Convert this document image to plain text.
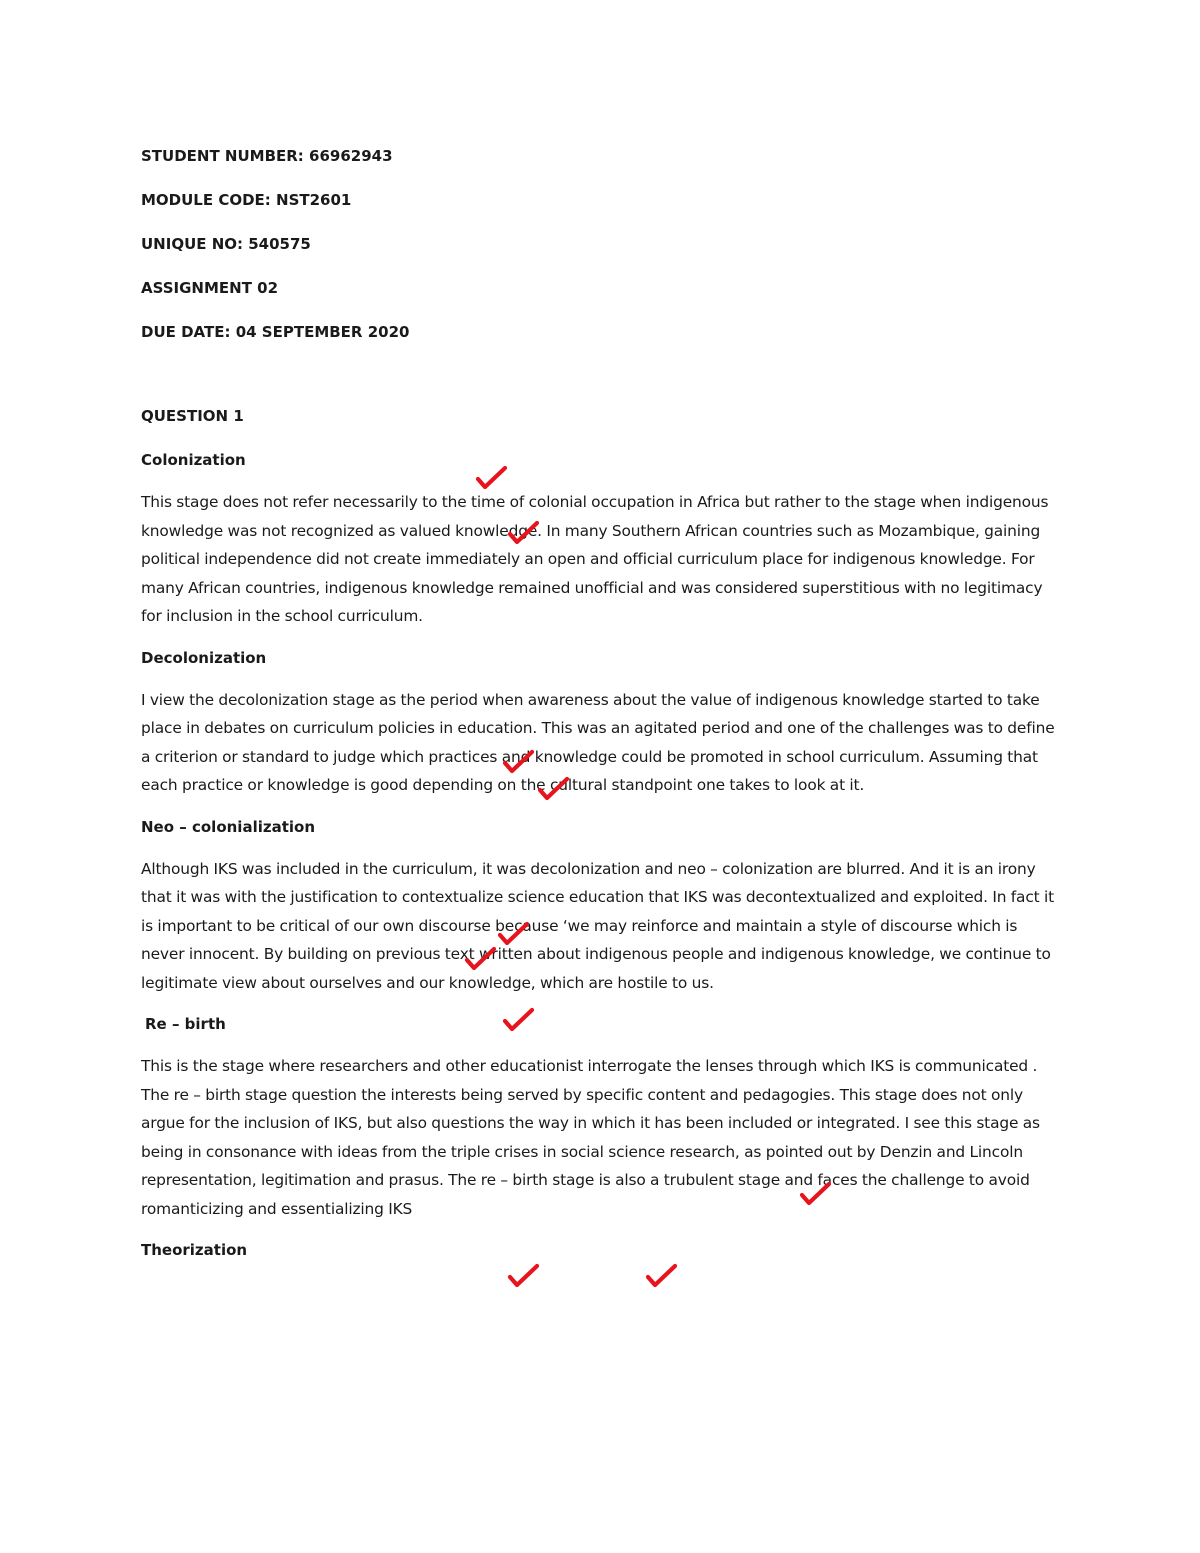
STUDENT NUMBER: 66962943
MODULE CODE: NST2601
UNIQUE NO: 540575
ASSIGNMENT 02
DUE DATE: 04 SEPTEMBER 2020
QUESTION 1
Colonization

This stage does not refer necessarily to the time of colonial occupation in Africa but rather to the stage when indigenous knowledge was not recognized as valued knowledge. In many Southern African countries such as Mozambique, gaining political independence did not create immediately an open and official curriculum place for indigenous knowledge. For many African countries, indigenous knowledge remained unofficial and was considered superstitious with no legitimacy for inclusion in the school curriculum.

Decolonization

I view the decolonization stage as the period when awareness about the value of indigenous knowledge started to take place in debates on curriculum policies in education. This was an agitated period and one of the challenges was to define a criterion or standard to judge which practices and knowledge could be promoted in school curriculum. Assuming that each practice or knowledge is good depending on the cultural standpoint one takes to look at it.

Neo – colonialization

Although IKS was included in the curriculum, it was decolonization and neo – colonization are blurred. And it is an irony that it was with the justification to contextualize science education that IKS was decontextualized and exploited. In fact it is important to be critical of our own discourse because ‘we may reinforce and maintain a style of discourse which is never innocent. By building on previous text written about indigenous people and indigenous knowledge, we continue to legitimate view about ourselves and our knowledge, which are hostile to us.

Re – birth

This is the stage where researchers and other educationist interrogate the lenses through which IKS is communicated . The re – birth stage question the interests being served by specific content and pedagogies. This stage does not only argue for the inclusion of IKS, but also questions the way in which it has been included or integrated. I see this stage as being in consonance with ideas from the triple crises in social science research, as pointed out by Denzin and Lincoln representation, legitimation and prasus. The re – birth stage is also a trubulent stage and faces the challenge to avoid romanticizing and essentializing IKS

Theorization
